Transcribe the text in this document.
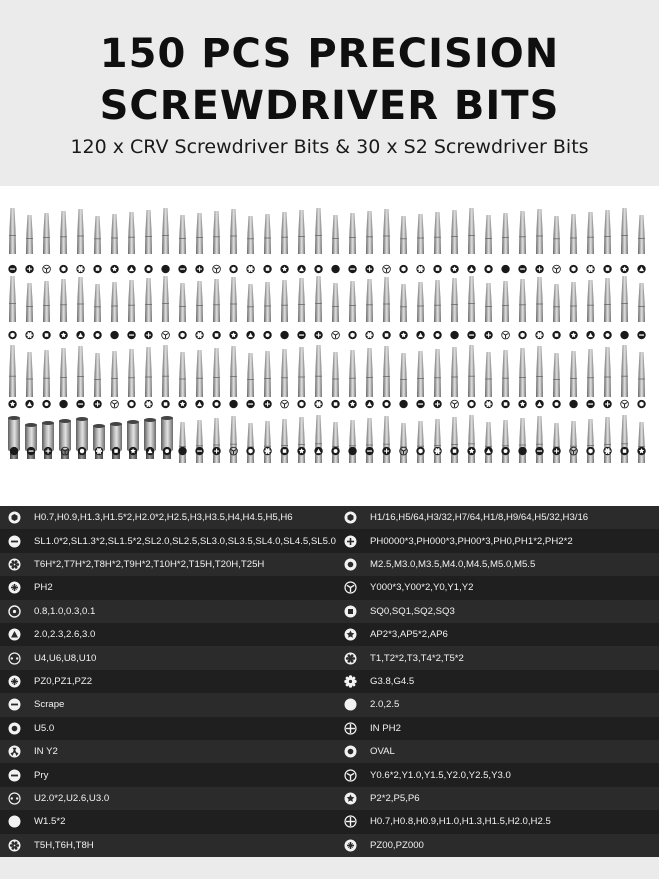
150 PCS PRECISION
SCREWDRIVER BITS
120 x CRV Screwdriver Bits & 30 x S2 Screwdriver Bits
H0.7,H0.9,H1.3,H1.5*2,H2.0*2,H2.5,H3,H3.5,H4,H4.5,H5,H6	H1/16,H5/64,H3/32,H7/64,H1/8,H9/64,H5/32,H3/16
SL1.0*2,SL1.3*2,SL1.5*2,SL2.0,SL2.5,SL3.0,SL3.5,SL4.0,SL4.5,SL5.0	PH0000*3,PH000*3,PH00*3,PH0,PH1*2,PH2*2
T6H*2,T7H*2,T8H*2,T9H*2,T10H*2,T15H,T20H,T25H	M2.5,M3.0,M3.5,M4.0,M4.5,M5.0,M5.5
PH2	Y000*3,Y00*2,Y0,Y1,Y2
0.8,1.0,0.3,0.1	SQ0,SQ1,SQ2,SQ3
2.0,2.3,2.6,3.0	AP2*3,AP5*2,AP6
U4,U6,U8,U10	T1,T2*2,T3,T4*2,T5*2
PZ0,PZ1,PZ2	G3.8,G4.5
Scrape	2.0,2.5
U5.0	IN PH2
IN Y2	OVAL
Pry	Y0.6*2,Y1.0,Y1.5,Y2.0,Y2.5,Y3.0
U2.0*2,U2.6,U3.0	P2*2,P5,P6
W1.5*2	H0.7,H0.8,H0.9,H1.0,H1.3,H1.5,H2.0,H2.5
T5H,T6H,T8H	PZ00,PZ000
